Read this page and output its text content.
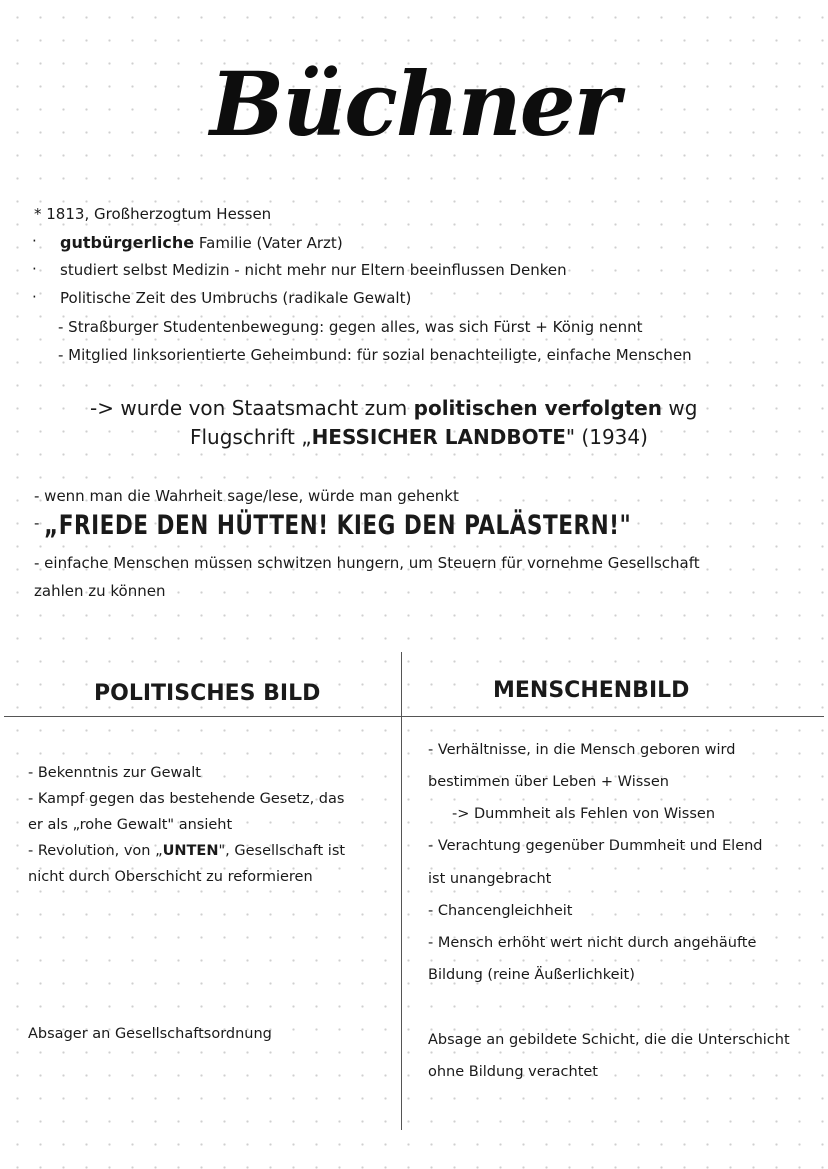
Büchner
* 1813, Großherzogtum Hessen
· gutbürgerliche Familie (Vater Arzt)
· studiert selbst Medizin - nicht mehr nur Eltern beeinflussen Denken
· Politische Zeit des Umbruchs (radikale Gewalt)
- Straßburger Studentenbewegung: gegen alles, was sich Fürst + König nennt
- Mitglied linksorientierte Geheimbund: für sozial benachteiligte, einfache Menschen
-> wurde von Staatsmacht zum politischen verfolgten wg
Flugschrift „HESSICHER LANDBOTE" (1934)
- wenn man die Wahrheit sage/lese, würde man gehenkt
- „FRIEDE DEN HÜTTEN! KIEG DEN PALÄSTERN!"
- einfache Menschen müssen schwitzen hungern, um Steuern für vornehme Gesellschaft
zahlen zu können
POLITISCHES BILD
- Bekenntnis zur Gewalt
- Kampf gegen das bestehende Gesetz, das
er als „rohe Gewalt" ansieht
- Revolution, von „UNTEN", Gesellschaft ist
nicht durch Oberschicht zu reformieren
Absager an Gesellschaftsordnung
MENSCHENBILD
- Verhältnisse, in die Mensch geboren wird
bestimmen über Leben + Wissen
-> Dummheit als Fehlen von Wissen
- Verachtung gegenüber Dummheit und Elend
ist unangebracht
- Chancengleichheit
- Mensch erhöht wert nicht durch angehäufte
Bildung (reine Äußerlichkeit)
Absage an gebildete Schicht, die die Unterschicht
ohne Bildung verachtet
